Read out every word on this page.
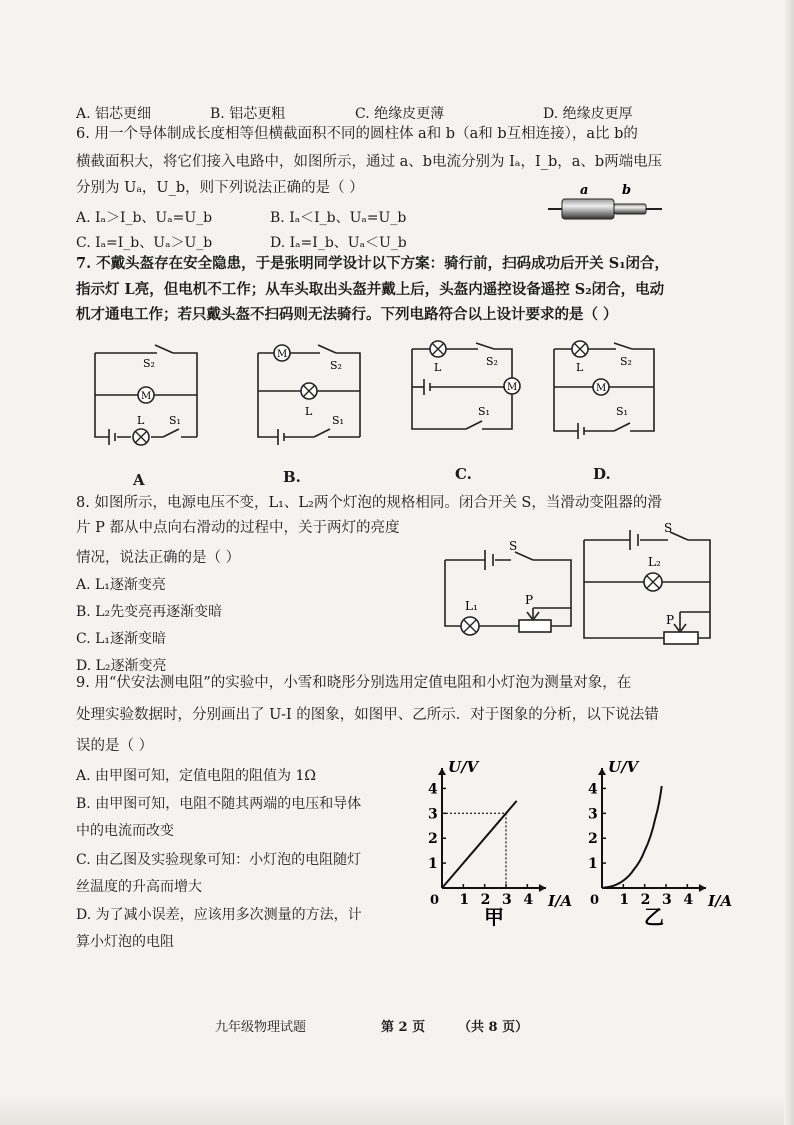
A. 铝芯更细	B. 铝芯更粗	C. 绝缘皮更薄	D. 绝缘皮更厚
6. 用一个导体制成长度相等但横截面积不同的圆柱体 a和 b（a和 b互相连接），a比 b的
横截面积大，将它们接入电路中，如图所示，通过 a、b电流分别为 Iₐ，I_b，a、b两端电压
分别为 Uₐ，U_b，则下列说法正确的是（ ）
A. Iₐ＞I_b、Uₐ=U_b	B. Iₐ＜I_b、Uₐ=U_b
C. Iₐ=I_b、Uₐ＞U_b	D. Iₐ=I_b、Uₐ＜U_b
a	b
7. 不戴头盔存在安全隐患，于是张明同学设计以下方案：骑行前，扫码成功后开关 S₁闭合，
指示灯 L亮，但电机不工作；从车头取出头盔并戴上后，头盔内遥控设备遥控 S₂闭合，电动
机才通电工作；若只戴头盔不扫码则无法骑行。下列电路符合以上设计要求的是（ ）
M
L S₁
S₂
A
M
L
S₁
S₂
B.
L
M
S₁
S₂
C.
L
M
S₁
S₂
D.
8. 如图所示，电源电压不变，L₁、L₂两个灯泡的规格相同。闭合开关 S，当滑动变阻器的滑
片 P 都从中点向右滑动的过程中，关于两灯的亮度
情况，说法正确的是（ ）
A. L₁逐渐变亮
B. L₂先变亮再逐渐变暗
C. L₁逐渐变暗
D. L₂逐渐变亮
L₁
S
P
L₂
S
P
9. 用“伏安法测电阻”的实验中，小雪和晓彤分别选用定值电阻和小灯泡为测量对象，在
处理实验数据时，分别画出了 U-I 的图象，如图甲、乙所示．对于图象的分析，以下说法错
误的是（ ）
A. 由甲图可知，定值电阻的阻值为 1Ω
B. 由甲图可知，电阻不随其两端的电压和导体
中的电流而改变
C. 由乙图及实验现象可知：小灯泡的电阻随灯
丝温度的升高而增大
D. 为了减小误差，应该用多次测量的方法，计
算小灯泡的电阻
1 2 3 4
1
2
3
4
0	I/A
U/V
甲
1 2 3 4
1
2
3
4
0	I/A
U/V
乙
九年级物理试题	第 2 页	（共 8 页）
